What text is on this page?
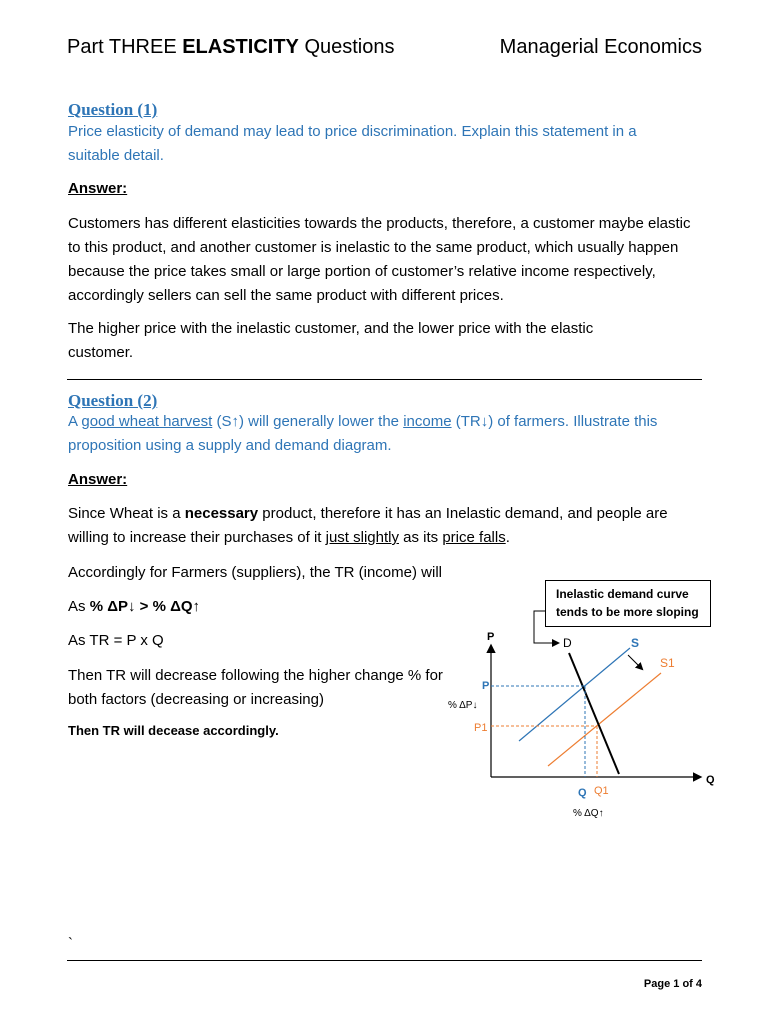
Part THREE ELASTICITY Questions	Managerial Economics
Question (1)
Price elasticity of demand may lead to price discrimination. Explain this statement in a suitable detail.
Answer:
Customers has different elasticities towards the products, therefore, a customer maybe elastic to this product, and another customer is inelastic to the same product, which usually happen because the price takes small or large portion of customer’s relative income respectively, accordingly sellers can sell the same product with different prices.
The higher price with the inelastic customer, and the lower price with the elastic customer.
Question (2)
A good wheat harvest (S↑) will generally lower the income (TR↓) of farmers. Illustrate this proposition using a supply and demand diagram.
Answer:
Since Wheat is a necessary product, therefore it has an Inelastic demand, and people are willing to increase their purchases of it just slightly as its price falls.
Accordingly for Farmers (suppliers), the TR (income) will
As % ΔP↓ > % ΔQ↑
As TR = P x Q
Then TR will decrease following the higher change % for both factors (decreasing or increasing)
Then TR will decease accordingly.
Inelastic demand curve tends to be more sloping
P
Q
D	S
S1
P
P1
% ΔP↓
Q Q1
% ΔQ↑
`
Page 1 of 4
